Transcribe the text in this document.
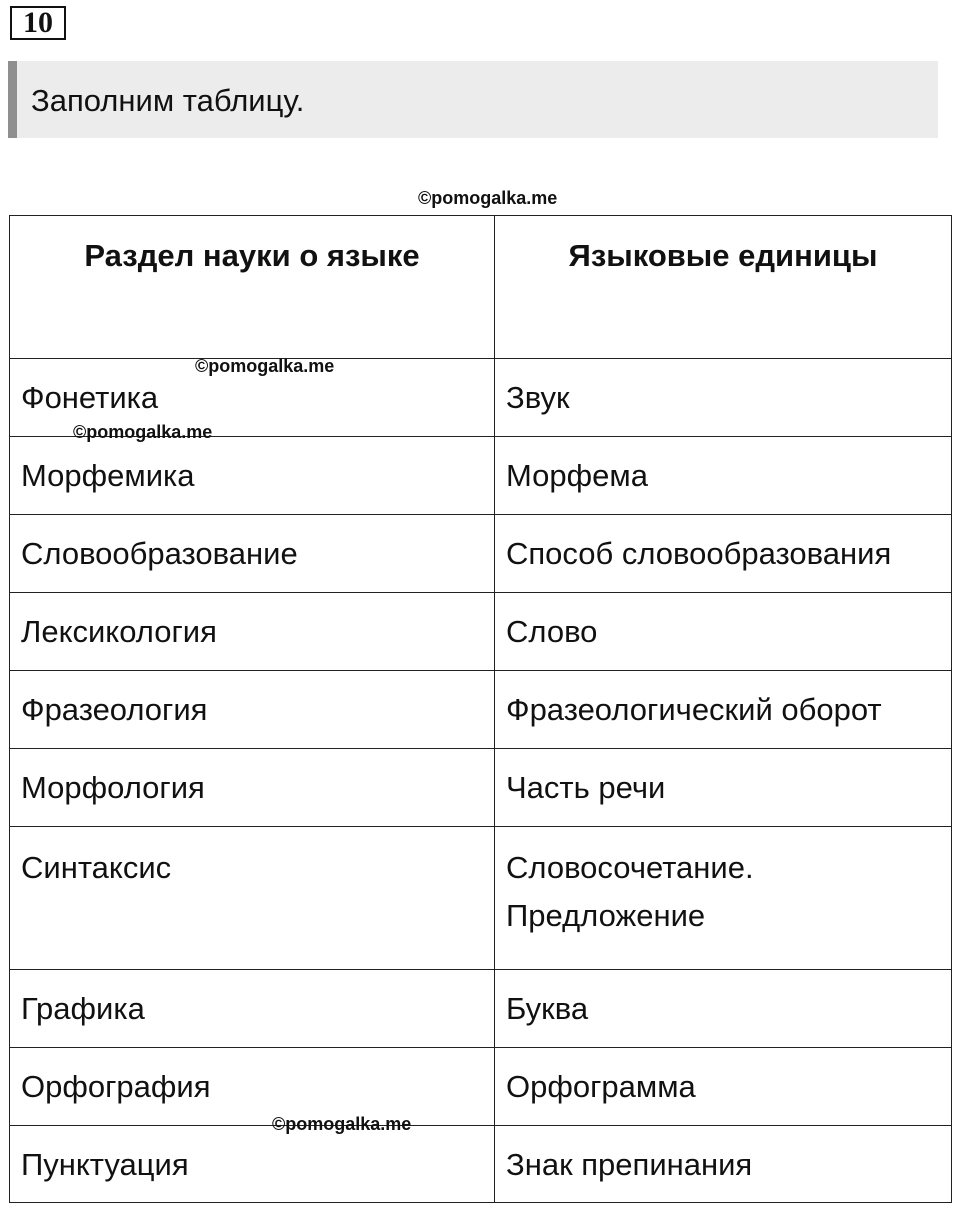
10
Заполним таблицу.
©pomogalka.me
Раздел науки о языке	Языковые единицы
Фонетика	Звук
Морфемика	Морфема
Словообразование	Способ словообразования
Лексикология	Слово
Фразеология	Фразеологический оборот
Морфология	Часть речи
Синтаксис	Словосочетание. Предложение
Графика	Буква
Орфография	Орфограмма
Пунктуация	Знак препинания
©pomogalka.me
©pomogalka.me
©pomogalka.me
